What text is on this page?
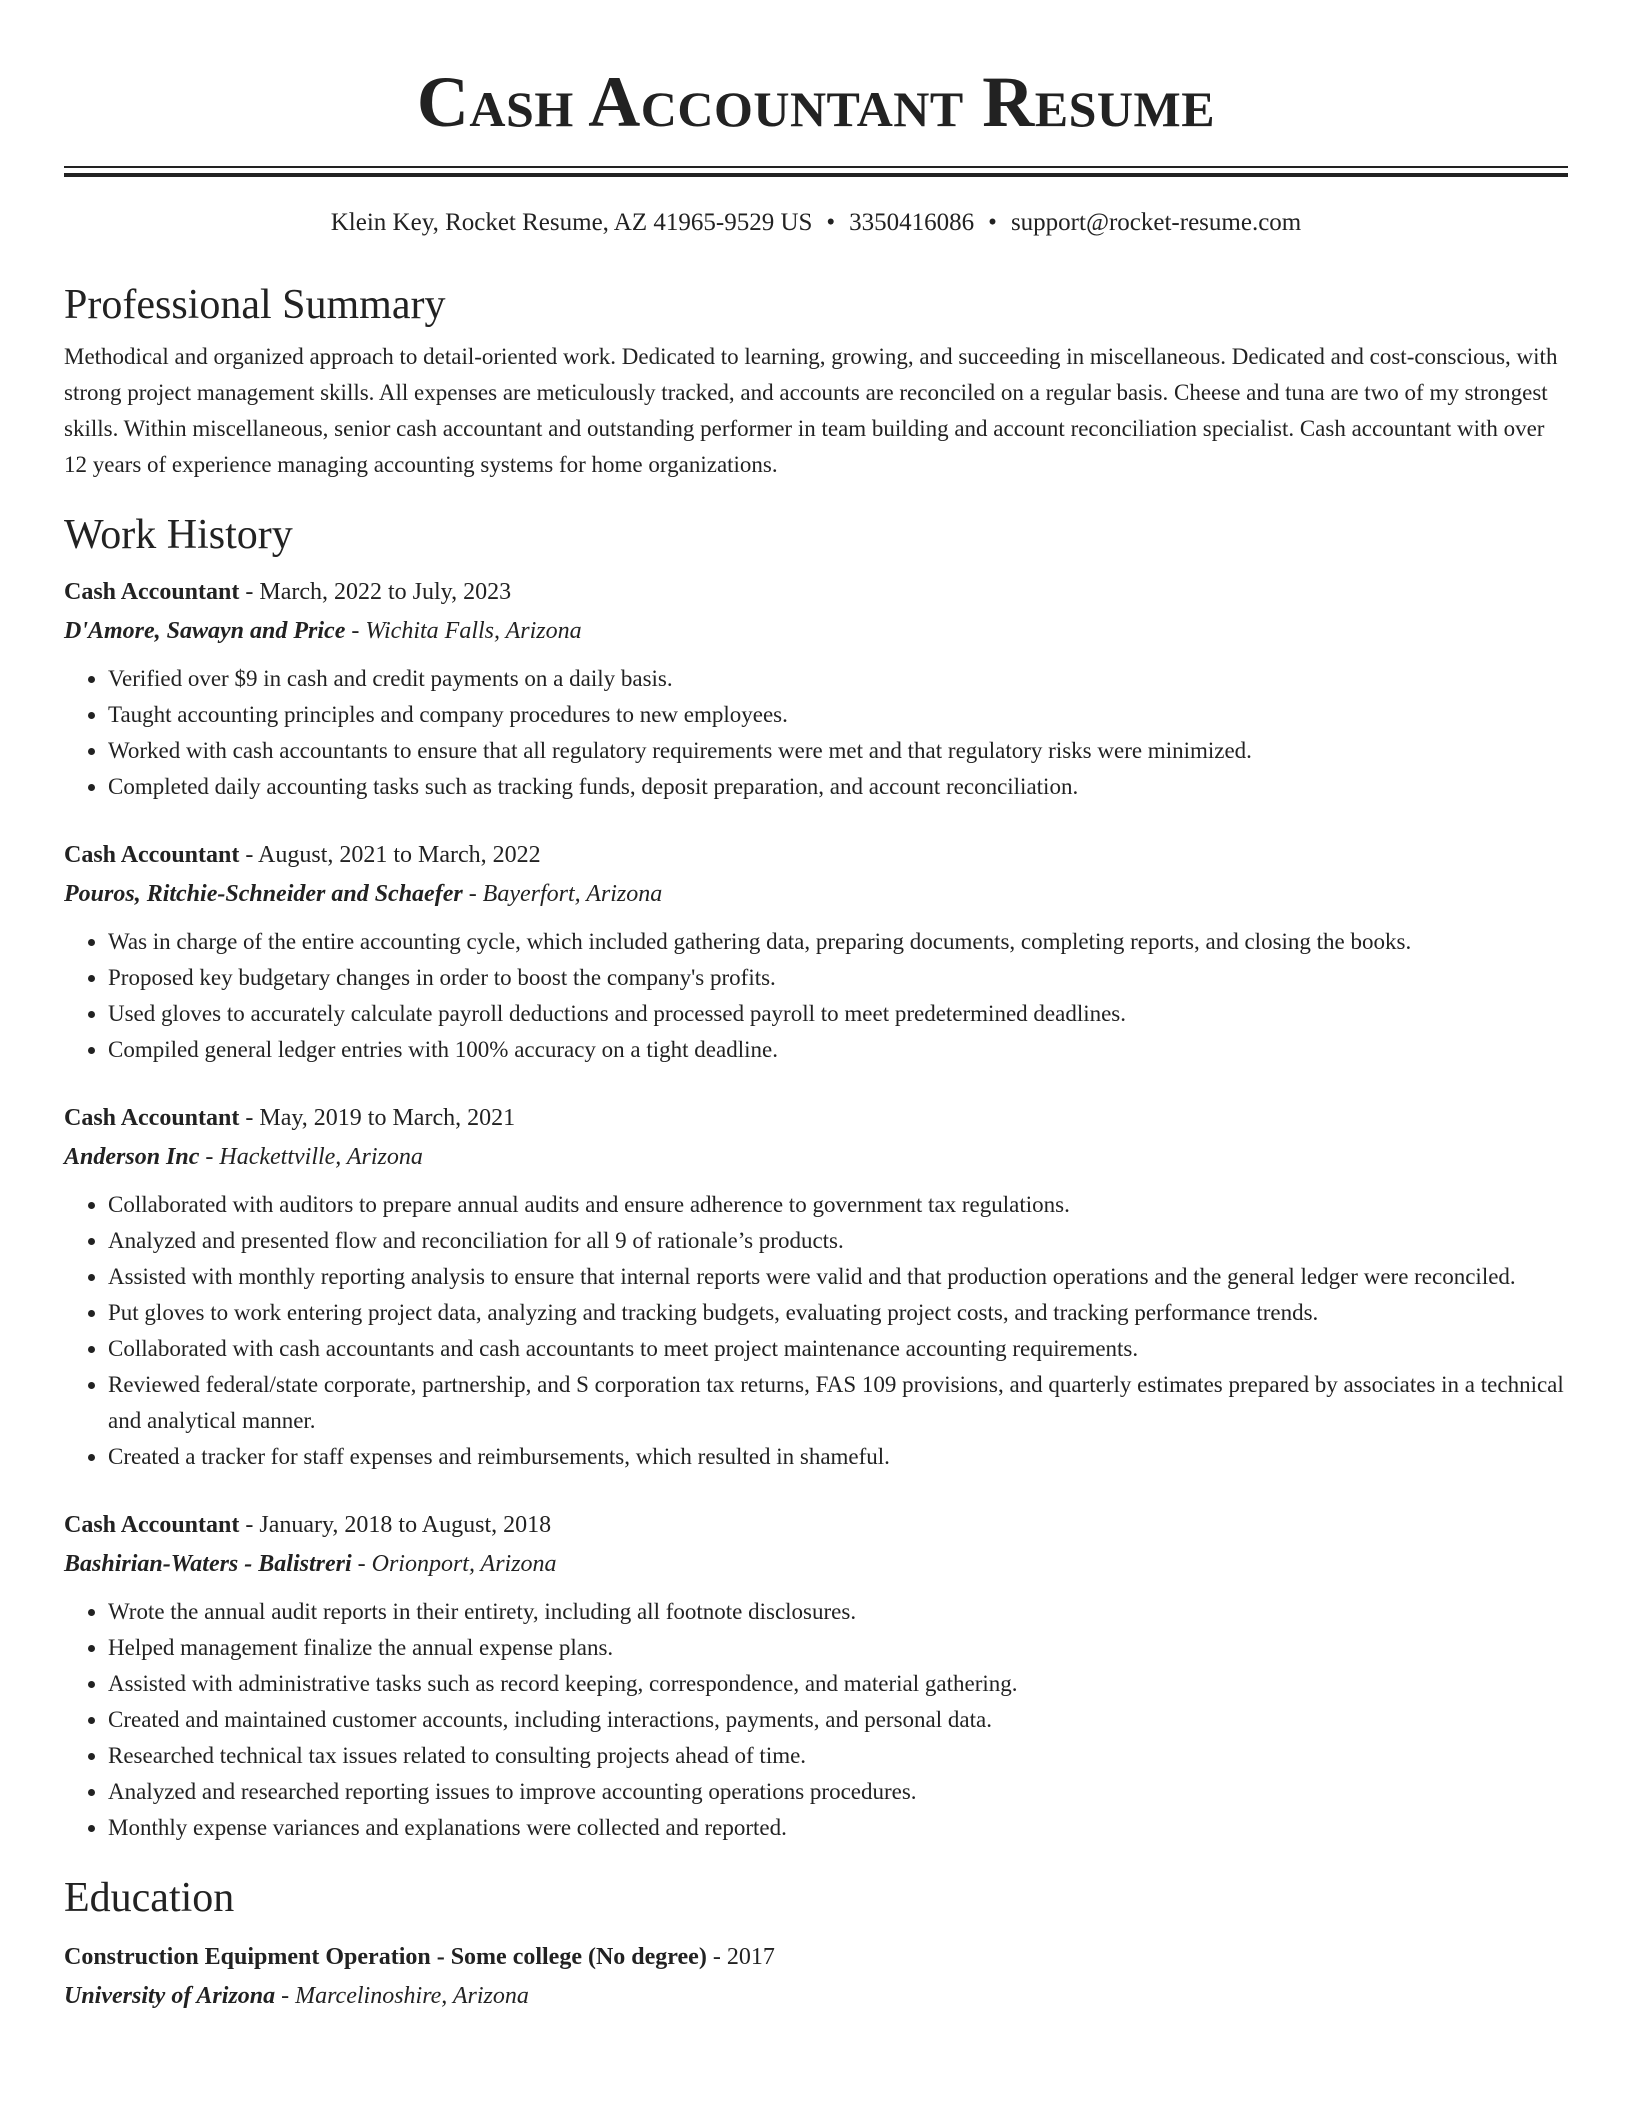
Cash Accountant Resume
Klein Key, Rocket Resume, AZ 41965-9529 US • 3350416086 • support@rocket-resume.com
Professional Summary

Methodical and organized approach to detail-oriented work. Dedicated to learning, growing, and succeeding in miscellaneous. Dedicated and cost-conscious, with strong project management skills. All expenses are meticulously tracked, and accounts are reconciled on a regular basis. Cheese and tuna are two of my strongest skills. Within miscellaneous, senior cash accountant and outstanding performer in team building and account reconciliation specialist. Cash accountant with over 12 years of experience managing accounting systems for home organizations.

Work History
Cash Accountant - March, 2022 to July, 2023
D'Amore, Sawayn and Price - Wichita Falls, Arizona
• Verified over $9 in cash and credit payments on a daily basis.
• Taught accounting principles and company procedures to new employees.
• Worked with cash accountants to ensure that all regulatory requirements were met and that regulatory risks were minimized.
• Completed daily accounting tasks such as tracking funds, deposit preparation, and account reconciliation.
Cash Accountant - August, 2021 to March, 2022
Pouros, Ritchie-Schneider and Schaefer - Bayerfort, Arizona
• Was in charge of the entire accounting cycle, which included gathering data, preparing documents, completing reports, and closing the books.
• Proposed key budgetary changes in order to boost the company's profits.
• Used gloves to accurately calculate payroll deductions and processed payroll to meet predetermined deadlines.
• Compiled general ledger entries with 100% accuracy on a tight deadline.
Cash Accountant - May, 2019 to March, 2021
Anderson Inc - Hackettville, Arizona
• Collaborated with auditors to prepare annual audits and ensure adherence to government tax regulations.
• Analyzed and presented flow and reconciliation for all 9 of rationale’s products.
• Assisted with monthly reporting analysis to ensure that internal reports were valid and that production operations and the general ledger were reconciled.
• Put gloves to work entering project data, analyzing and tracking budgets, evaluating project costs, and tracking performance trends.
• Collaborated with cash accountants and cash accountants to meet project maintenance accounting requirements.
• Reviewed federal/state corporate, partnership, and S corporation tax returns, FAS 109 provisions, and quarterly estimates prepared by associates in a technical and analytical manner.
• Created a tracker for staff expenses and reimbursements, which resulted in shameful.
Cash Accountant - January, 2018 to August, 2018
Bashirian-Waters - Balistreri - Orionport, Arizona
• Wrote the annual audit reports in their entirety, including all footnote disclosures.
• Helped management finalize the annual expense plans.
• Assisted with administrative tasks such as record keeping, correspondence, and material gathering.
• Created and maintained customer accounts, including interactions, payments, and personal data.
• Researched technical tax issues related to consulting projects ahead of time.
• Analyzed and researched reporting issues to improve accounting operations procedures.
• Monthly expense variances and explanations were collected and reported.
Education
Construction Equipment Operation - Some college (No degree) - 2017
University of Arizona - Marcelinoshire, Arizona
